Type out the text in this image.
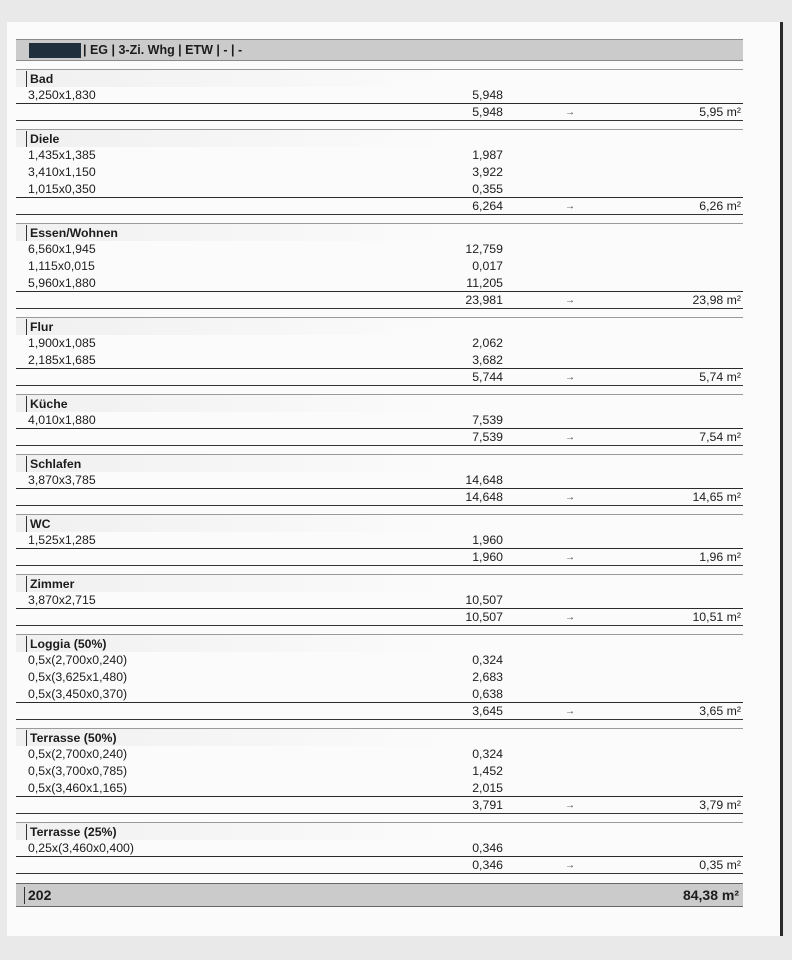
| EG | 3-Zi. Whg | ETW | - | -
Bad
3,250x1,830	5,948
5,948	→	5,95 m²
Diele
1,435x1,385	1,987
3,410x1,150	3,922
1,015x0,350	0,355
6,264	→	6,26 m²
Essen/Wohnen
6,560x1,945	12,759
1,115x0,015	0,017
5,960x1,880	11,205
23,981	→	23,98 m²
Flur
1,900x1,085	2,062
2,185x1,685	3,682
5,744	→	5,74 m²
Küche
4,010x1,880	7,539
7,539	→	7,54 m²
Schlafen
3,870x3,785	14,648
14,648	→	14,65 m²
WC
1,525x1,285	1,960
1,960	→	1,96 m²
Zimmer
3,870x2,715	10,507
10,507	→	10,51 m²
Loggia (50%)
0,5x(2,700x0,240)	0,324
0,5x(3,625x1,480)	2,683
0,5x(3,450x0,370)	0,638
3,645	→	3,65 m²
Terrasse (50%)
0,5x(2,700x0,240)	0,324
0,5x(3,700x0,785)	1,452
0,5x(3,460x1,165)	2,015
3,791	→	3,79 m²
Terrasse (25%)
0,25x(3,460x0,400)	0,346
0,346	→	0,35 m²
202	84,38 m²
